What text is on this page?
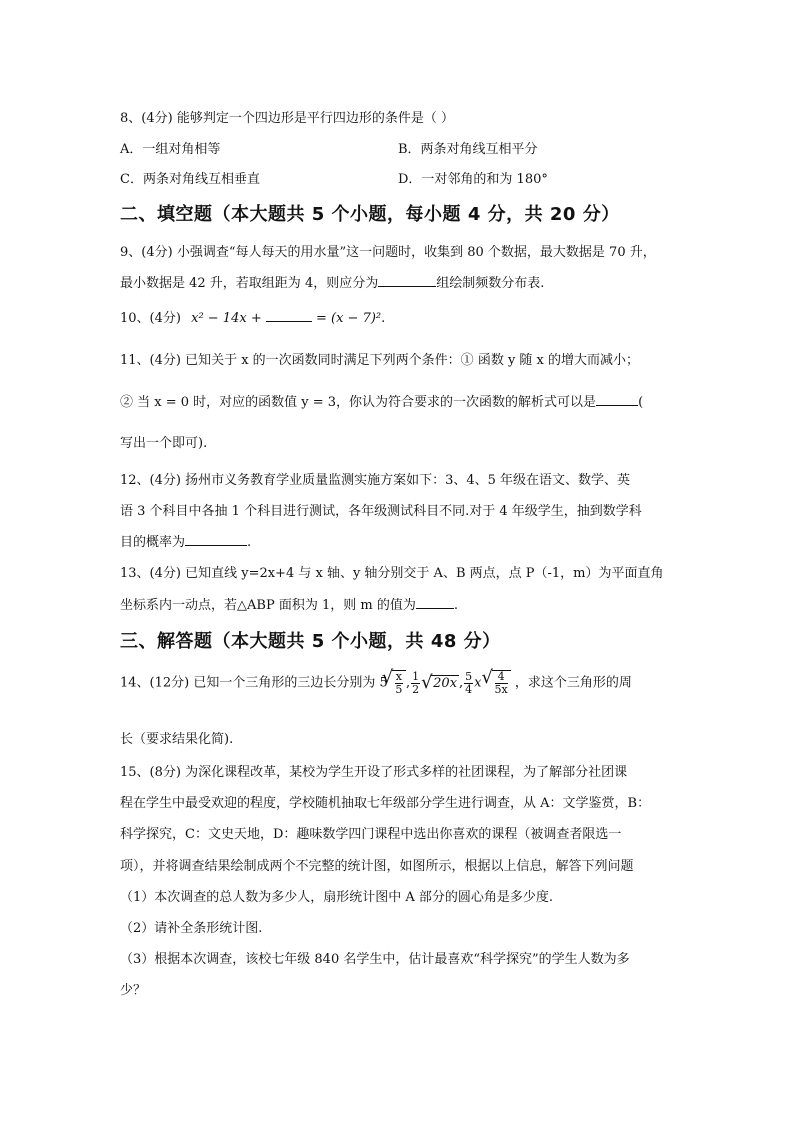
8、(4分) 能够判定一个四边形是平行四边形的条件是（ ）
A．一组对角相等	B．两条对角线互相平分
C．两条对角线互相垂直	D．一对邻角的和为 180°
二、填空题（本大题共 5 个小题，每小题 4 分，共 20 分）
9、(4分) 小强调查“每人每天的用水量”这一问题时，收集到 80 个数据，最大数据是 70 升，
最小数据是 42 升，若取组距为 4，则应分为	组绘制频数分布表.
10、(4分) x² − 14x +	= (x − 7)².
11、(4分) 已知关于 x 的一次函数同时满足下列两个条件：① 函数 y 随 x 的增大而减小；
② 当 x = 0 时，对应的函数值 y = 3，你认为符合要求的一次函数的解析式可以是	(
写出一个即可).
12、(4分) 扬州市义务教育学业质量监测实施方案如下：3、4、5 年级在语文、数学、英
语 3 个科目中各抽 1 个科目进行测试，各年级测试科目不同.对于 4 年级学生，抽到数学科
目的概率为	.
13、(4分) 已知直线 y=2x+4 与 x 轴、y 轴分别交于 A、B 两点，点 P（-1，m）为平面直角
坐标系内一动点，若△ABP 面积为 1，则 m 的值为	.
三、解答题（本大题共 5 个小题，共 48 分）
14、(12分) 已知一个三角形的三边长分别为 5 √ $\frac{x}{5}$ , $\frac{1}{2}$ √ 20x , $\frac{5}{4}$ x √ $\frac{4}{5x}$ ，求这个三角形的周
长（要求结果化简).
15、(8分) 为深化课程改革，某校为学生开设了形式多样的社团课程，为了解部分社团课
程在学生中最受欢迎的程度，学校随机抽取七年级部分学生进行调查，从 A：文学鉴赏，B：
科学探究，C：文史天地，D：趣味数学四门课程中选出你喜欢的课程（被调查者限选一
项），并将调查结果绘制成两个不完整的统计图，如图所示，根据以上信息，解答下列问题
（1）本次调查的总人数为多少人，扇形统计图中 A 部分的圆心角是多少度.
（2）请补全条形统计图.
（3）根据本次调查，该校七年级 840 名学生中，估计最喜欢“科学探究”的学生人数为多
少？
